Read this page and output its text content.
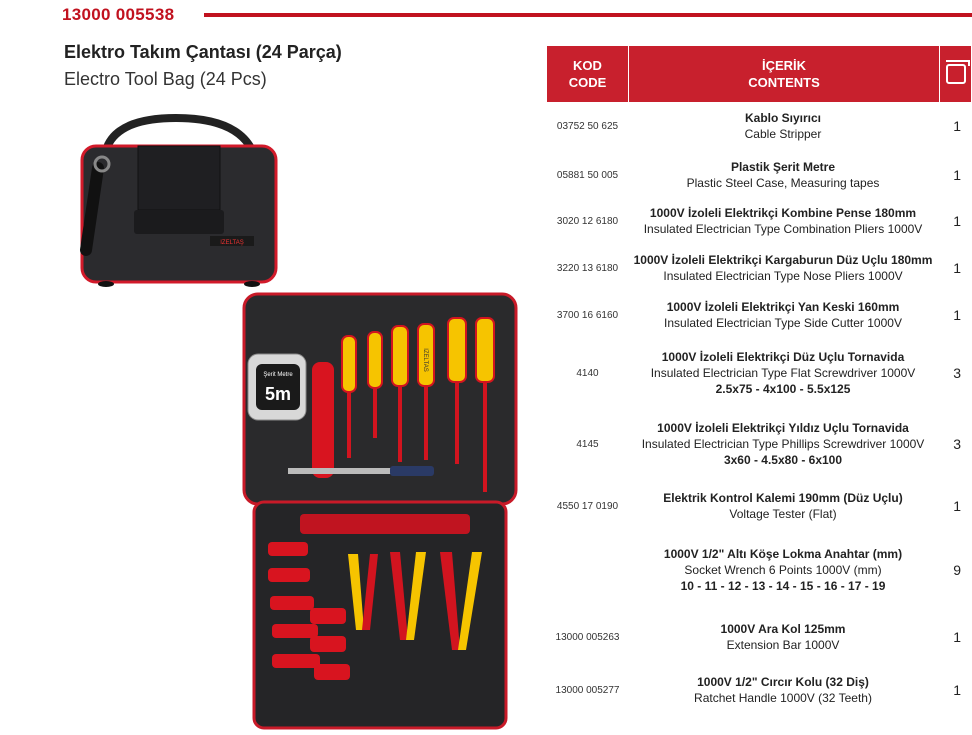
13000 005538
Elektro Takım Çantası (24 Parça)
Electro Tool Bag (24 Pcs)
IZELTAŞ
Şerit Metre
5m
IZELTAS
KOD
CODE
İÇERİK
CONTENTS
03752 50 625
Kablo Sıyırıcı
Cable Stripper	1
05881 50 005
Plastik Şerit Metre
Plastic Steel Case, Measuring tapes	1
3020 12 6180
1000V İzoleli Elektrikçi Kombine Pense 180mm
Insulated Electrician Type Combination Pliers 1000V	1
3220 13 6180
1000V İzoleli Elektrikçi Kargaburun Düz Uçlu 180mm
Insulated Electrician Type Nose Pliers 1000V	1
3700 16 6160
1000V İzoleli Elektrikçi Yan Keski 160mm
Insulated Electrician Type Side Cutter 1000V	1
4140
1000V İzoleli Elektrikçi Düz Uçlu Tornavida
Insulated Electrician Type Flat Screwdriver 1000V
2.5x75 - 4x100 - 5.5x125
3
4145
1000V İzoleli Elektrikçi Yıldız Uçlu Tornavida
Insulated Electrician Type Phillips Screwdriver 1000V
3x60 - 4.5x80 - 6x100
3
4550 17 0190
Elektrik Kontrol Kalemi 190mm (Düz Uçlu)
Voltage Tester (Flat)	1
1000V 1/2" Altı Köşe Lokma Anahtar (mm)
Socket Wrench 6 Points 1000V (mm)
10 - 11 - 12 - 13 - 14 - 15 - 16 - 17 - 19
9
13000 005263
1000V Ara Kol 125mm
Extension Bar 1000V	1
13000 005277
1000V 1/2" Cırcır Kolu (32 Diş)
Ratchet Handle 1000V (32 Teeth)	1
